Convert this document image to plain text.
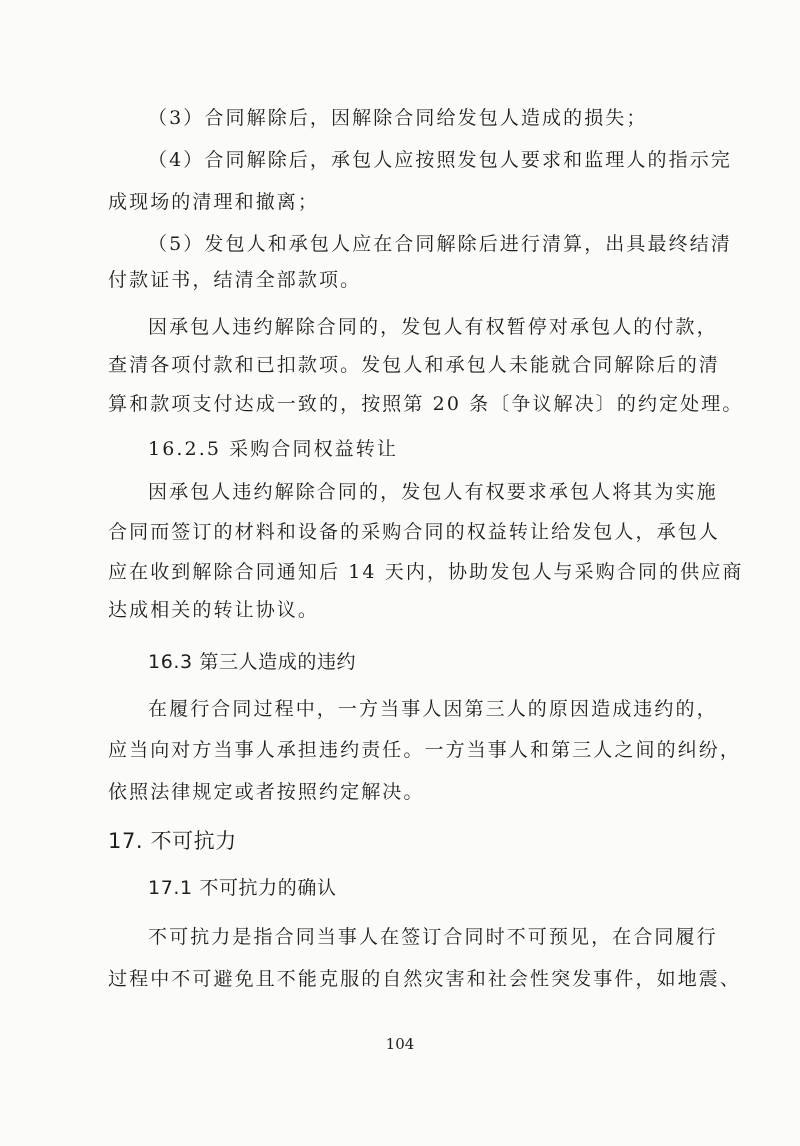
（3）合同解除后，因解除合同给发包人造成的损失；
（4）合同解除后，承包人应按照发包人要求和监理人的指示完
成现场的清理和撤离；
（5）发包人和承包人应在合同解除后进行清算，出具最终结清
付款证书，结清全部款项。
因承包人违约解除合同的，发包人有权暂停对承包人的付款，
查清各项付款和已扣款项。发包人和承包人未能就合同解除后的清
算和款项支付达成一致的，按照第 20 条〔争议解决〕的约定处理。
16.2.5 采购合同权益转让
因承包人违约解除合同的，发包人有权要求承包人将其为实施
合同而签订的材料和设备的采购合同的权益转让给发包人，承包人
应在收到解除合同通知后 14 天内，协助发包人与采购合同的供应商
达成相关的转让协议。
16.3 第三人造成的违约
在履行合同过程中，一方当事人因第三人的原因造成违约的，
应当向对方当事人承担违约责任。一方当事人和第三人之间的纠纷，
依照法律规定或者按照约定解决。
17. 不可抗力
17.1 不可抗力的确认
不可抗力是指合同当事人在签订合同时不可预见，在合同履行
过程中不可避免且不能克服的自然灾害和社会性突发事件，如地震、
104
